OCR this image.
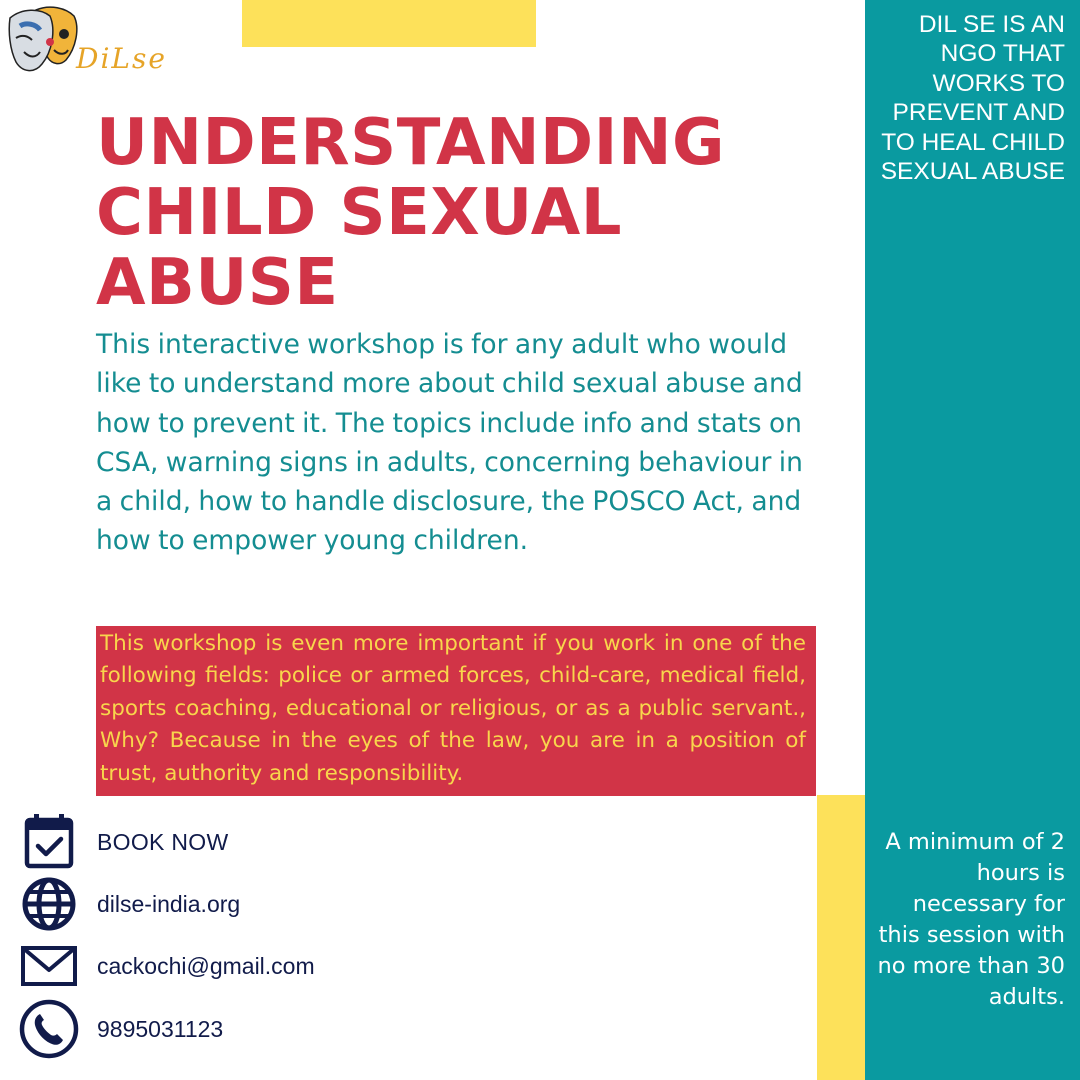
DiLse
UNDERSTANDING CHILD SEXUAL ABUSE

This interactive workshop is for any adult who would like to understand more about child sexual abuse and how to prevent it. The topics include info and stats on CSA, warning signs in adults, concerning behaviour in a child, how to handle disclosure, the POSCO Act, and how to empower young children.

This workshop is even more important if you work in one of the following fields: police or armed forces, child-care, medical field, sports coaching, educational or religious, or as a public servant., Why? Because in the eyes of the law, you are in a position of trust, authority and responsibility.

DIL SE IS AN NGO THAT WORKS TO PREVENT AND TO HEAL CHILD SEXUAL ABUSE

A minimum of 2 hours is necessary for this session with no more than 30 adults.

BOOK NOW
dilse-india.org
cackochi@gmail.com
9895031123
